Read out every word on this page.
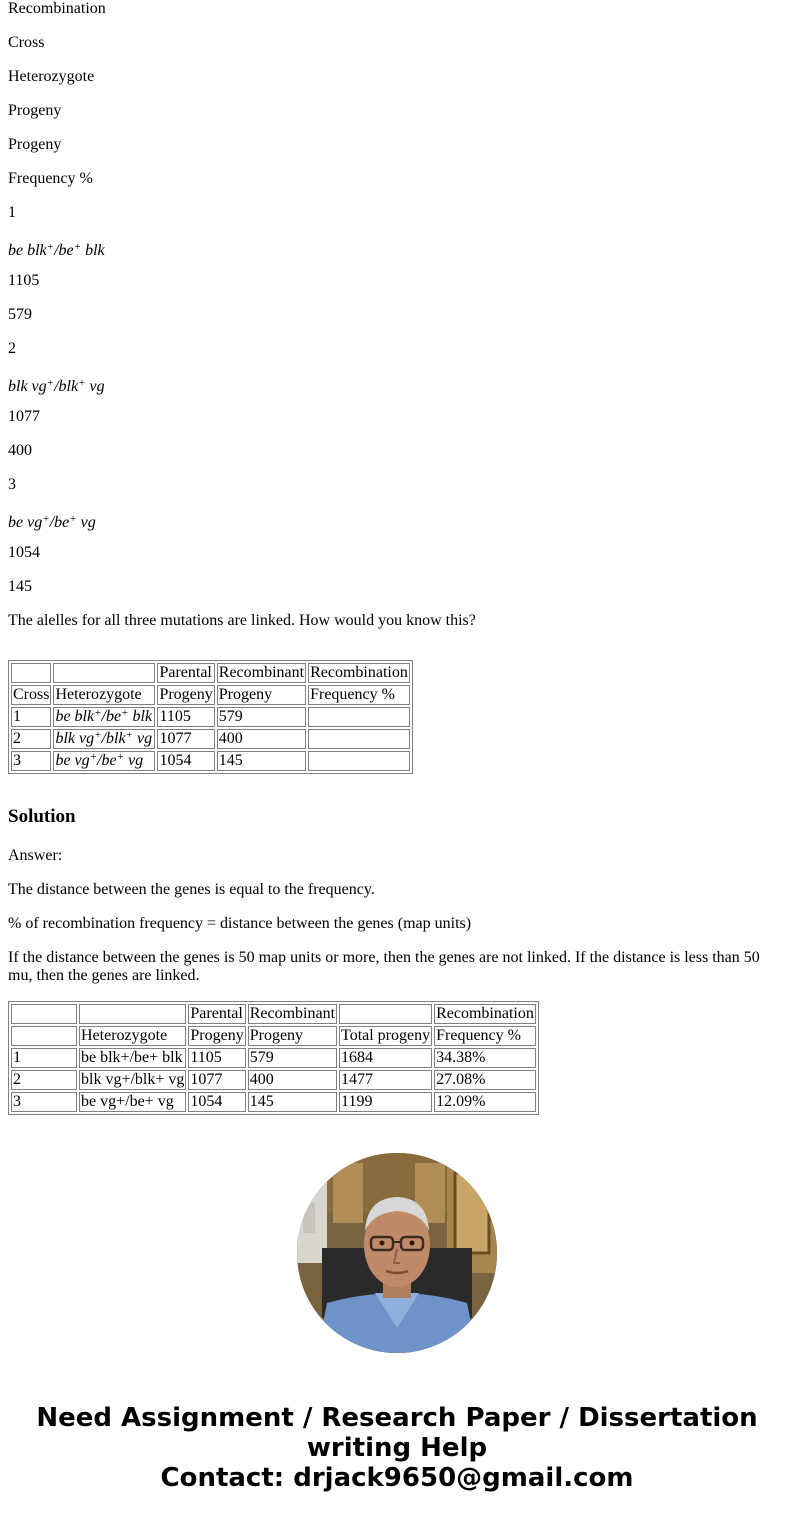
Recombination

Cross

Heterozygote

Progeny

Progeny

Frequency %

1

be blk+/be+ blk

1105

579

2

blk vg+/blk+ vg

1077

400

3

be vg+/be+ vg

1054

145

The alelles for all three mutations are linked. How would you know this?

		Parental	Recombinant	Recombination
Cross	Heterozygote	Progeny	Progeny	Frequency %
1	be blk+/be+ blk	1105	579	
2	blk vg+/blk+ vg	1077	400	
3	be vg+/be+ vg	1054	145	
Solution

Answer:

The distance between the genes is equal to the frequency.

% of recombination frequency = distance between the genes (map units)

If the distance between the genes is 50 map units or more, then the genes are not linked. If the distance is less than 50 mu, then the genes are linked.

		Parental	Recombinant		Recombination
	Heterozygote	Progeny	Progeny	Total progeny	Frequency %
1	be blk+/be+ blk	1105	579	1684	34.38%
2	blk vg+/blk+ vg	1077	400	1477	27.08%
3	be vg+/be+ vg	1054	145	1199	12.09%
Need Assignment / Research Paper / Dissertation
writing Help
Contact: drjack9650@gmail.com
